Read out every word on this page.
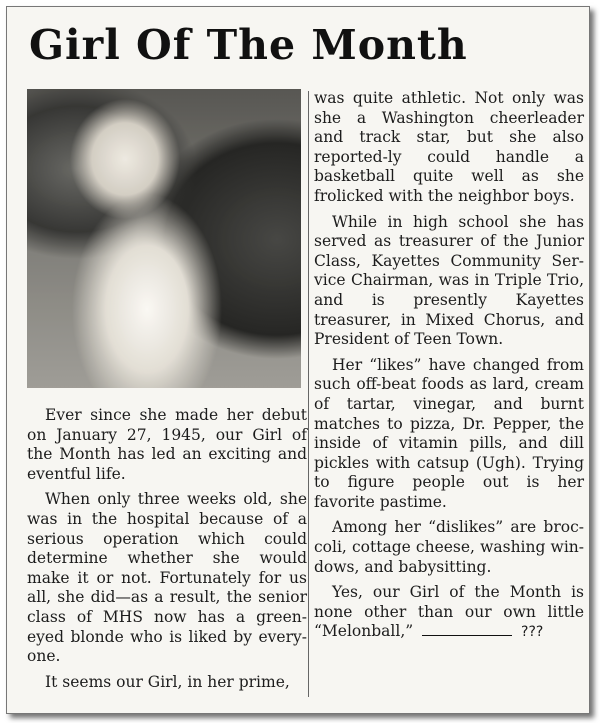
Girl Of The Month

Ever since she made her debut on January 27, 1945, our Girl of the Month has led an exciting and eventful life.

When only three weeks old, she was in the hospital because of a serious operation which could determine whether she would make it or not. Fortunately for us all, she did—as a result, the senior class of MHS now has a green-eyed blonde who is liked by every-one.

It seems our Girl, in her prime,

was quite athletic. Not only was she a Washington cheerleader and track star, but she also reported-ly could handle a basketball quite well as she frolicked with the neighbor boys.

While in high school she has served as treasurer of the Junior Class, Kayettes Community Ser-vice Chairman, was in Triple Trio, and is presently Kayettes treasurer, in Mixed Chorus, and President of Teen Town.

Her “likes” have changed from such off-beat foods as lard, cream of tartar, vinegar, and burnt matches to pizza, Dr. Pepper, the inside of vitamin pills, and dill pickles with catsup (Ugh). Trying to figure people out is her favorite pastime.

Among her “dislikes” are broc-coli, cottage cheese, washing win-dows, and babysitting.

Yes, our Girl of the Month is none other than our own little “Melonball,”	???
